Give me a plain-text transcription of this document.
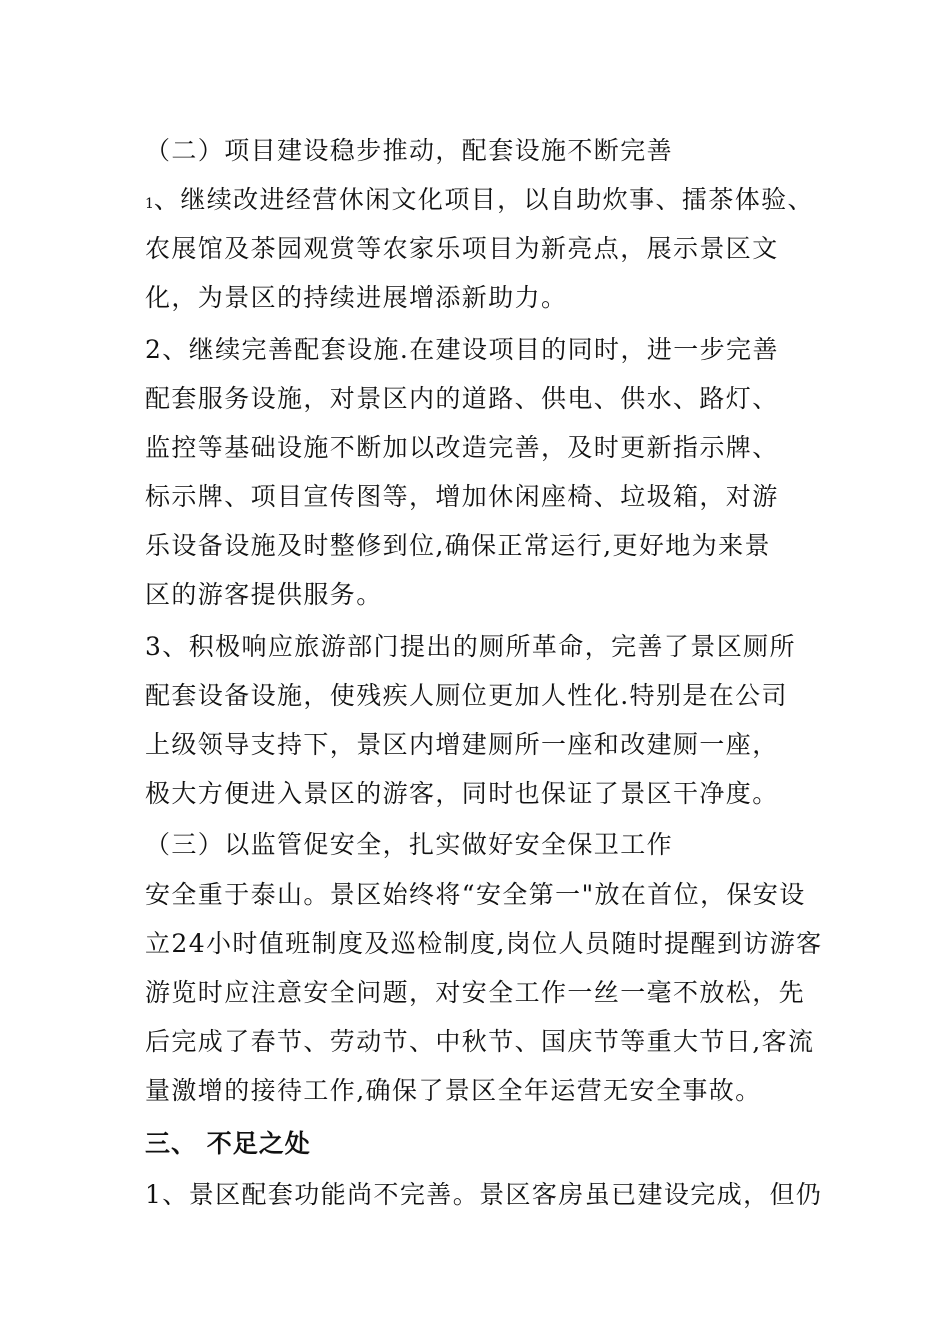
（二）项目建设稳步推动，配套设施不断完善
1、继续改进经营休闲文化项目，以自助炊事、擂茶体验、
农展馆及茶园观赏等农家乐项目为新亮点，展示景区文
化，为景区的持续进展增添新助力。
2、继续完善配套设施.在建设项目的同时，进一步完善
配套服务设施，对景区内的道路、供电、供水、路灯、
监控等基础设施不断加以改造完善，及时更新指示牌、
标示牌、项目宣传图等，增加休闲座椅、垃圾箱，对游
乐设备设施及时整修到位,确保正常运行,更好地为来景
区的游客提供服务。
3、积极响应旅游部门提出的厕所革命，完善了景区厕所
配套设备设施，使残疾人厕位更加人性化.特别是在公司
上级领导支持下，景区内增建厕所一座和改建厕一座，
极大方便进入景区的游客，同时也保证了景区干净度。
（三）以监管促安全，扎实做好安全保卫工作
安全重于泰山。景区始终将“安全第一"放在首位，保安设
立24小时值班制度及巡检制度,岗位人员随时提醒到访游客
游览时应注意安全问题，对安全工作一丝一毫不放松，先
后完成了春节、劳动节、中秋节、国庆节等重大节日,客流
量激增的接待工作,确保了景区全年运营无安全事故。
三、 不足之处
1、景区配套功能尚不完善。景区客房虽已建设完成，但仍
